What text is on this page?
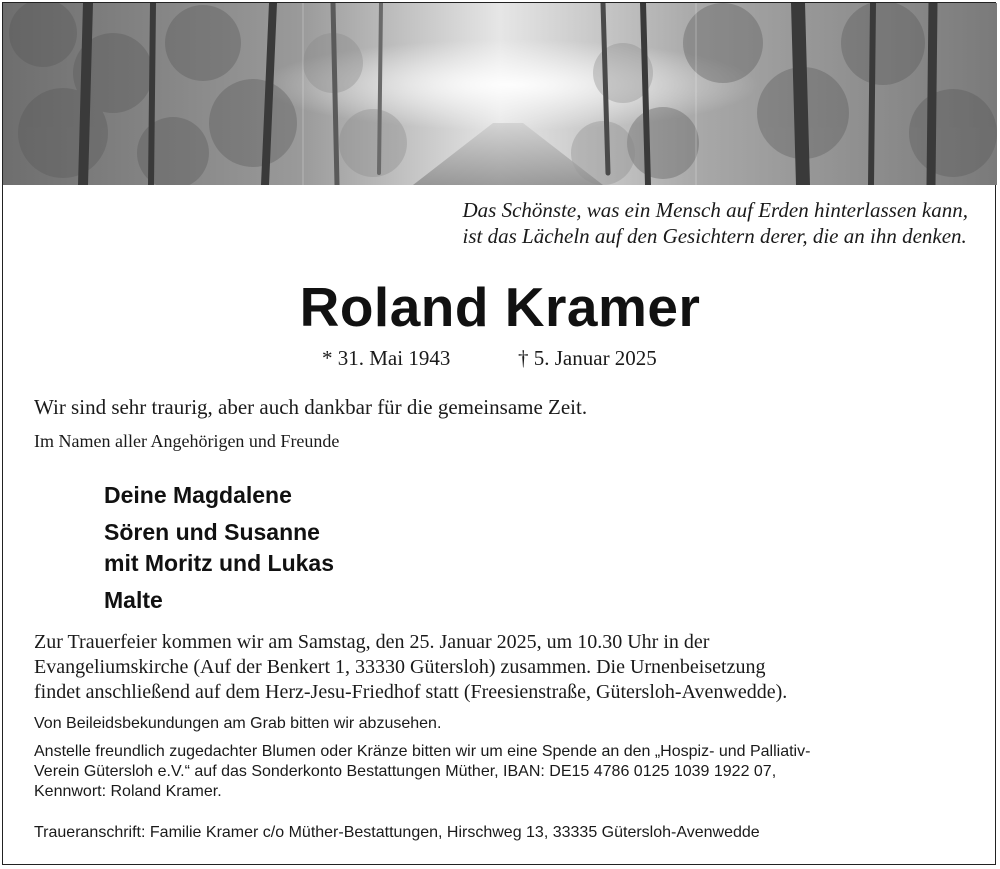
Das Schönste, was ein Mensch auf Erden hinterlassen kann,
ist das Lächeln auf den Gesichtern derer, die an ihn denken.
Roland Kramer
* 31. Mai 1943	† 5. Januar 2025
Wir sind sehr traurig, aber auch dankbar für die gemeinsame Zeit.
Im Namen aller Angehörigen und Freunde
Deine Magdalene
Sören und Susanne
mit Moritz und Lukas
Malte
Zur Trauerfeier kommen wir am Samstag, den 25. Januar 2025, um 10.30 Uhr in der
Evangeliumskirche (Auf der Benkert 1, 33330 Gütersloh) zusammen. Die Urnenbeisetzung
findet anschließend auf dem Herz-Jesu-Friedhof statt (Freesienstraße, Gütersloh-Avenwedde).
Von Beileidsbekundungen am Grab bitten wir abzusehen.
Anstelle freundlich zugedachter Blumen oder Kränze bitten wir um eine Spende an den „Hospiz- und Palliativ-
Verein Gütersloh e.V.“ auf das Sonderkonto Bestattungen Müther, IBAN: DE15 4786 0125 1039 1922 07,
Kennwort: Roland Kramer.
Traueranschrift: Familie Kramer c/o Müther-Bestattungen, Hirschweg 13, 33335 Gütersloh-Avenwedde
